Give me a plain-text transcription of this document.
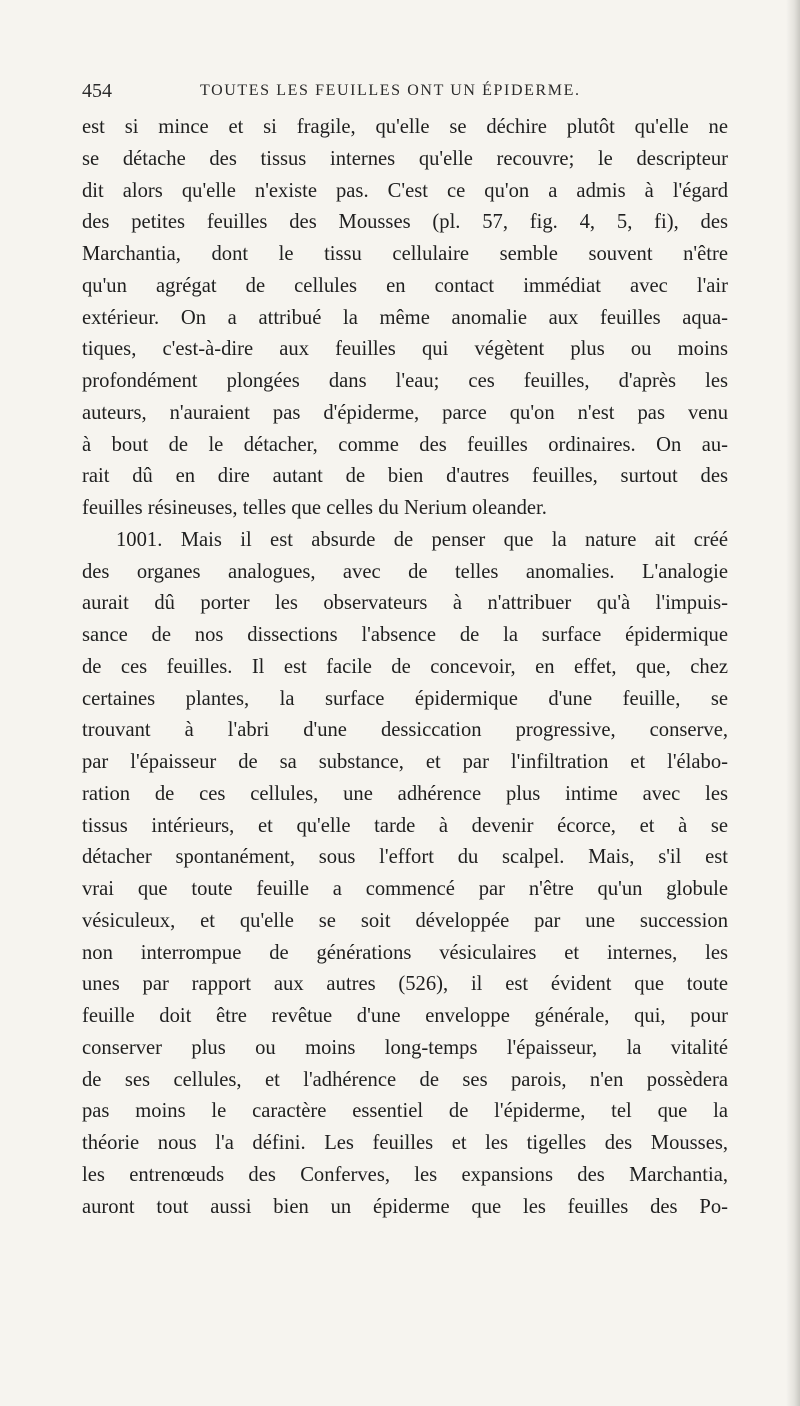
454	TOUTES LES FEUILLES ONT UN ÉPIDERME.
est si mince et si fragile, qu'elle se déchire plutôt qu'elle ne
se détache des tissus internes qu'elle recouvre; le descripteur
dit alors qu'elle n'existe pas. C'est ce qu'on a admis à l'égard
des petites feuilles des Mousses (pl. 57, fig. 4, 5, fi), des
Marchantia, dont le tissu cellulaire semble souvent n'être
qu'un agrégat de cellules en contact immédiat avec l'air
extérieur. On a attribué la même anomalie aux feuilles aqua-
tiques, c'est-à-dire aux feuilles qui végètent plus ou moins
profondément plongées dans l'eau; ces feuilles, d'après les
auteurs, n'auraient pas d'épiderme, parce qu'on n'est pas venu
à bout de le détacher, comme des feuilles ordinaires. On au-
rait dû en dire autant de bien d'autres feuilles, surtout des
feuilles résineuses, telles que celles du Nerium oleander.
1001. Mais il est absurde de penser que la nature ait créé
des organes analogues, avec de telles anomalies. L'analogie
aurait dû porter les observateurs à n'attribuer qu'à l'impuis-
sance de nos dissections l'absence de la surface épidermique
de ces feuilles. Il est facile de concevoir, en effet, que, chez
certaines plantes, la surface épidermique d'une feuille, se
trouvant à l'abri d'une dessiccation progressive, conserve,
par l'épaisseur de sa substance, et par l'infiltration et l'élabo-
ration de ces cellules, une adhérence plus intime avec les
tissus intérieurs, et qu'elle tarde à devenir écorce, et à se
détacher spontanément, sous l'effort du scalpel. Mais, s'il est
vrai que toute feuille a commencé par n'être qu'un globule
vésiculeux, et qu'elle se soit développée par une succession
non interrompue de générations vésiculaires et internes, les
unes par rapport aux autres (526), il est évident que toute
feuille doit être revêtue d'une enveloppe générale, qui, pour
conserver plus ou moins long-temps l'épaisseur, la vitalité
de ses cellules, et l'adhérence de ses parois, n'en possèdera
pas moins le caractère essentiel de l'épiderme, tel que la
théorie nous l'a défini. Les feuilles et les tigelles des Mousses,
les entrenœuds des Conferves, les expansions des Marchantia,
auront tout aussi bien un épiderme que les feuilles des Po-
